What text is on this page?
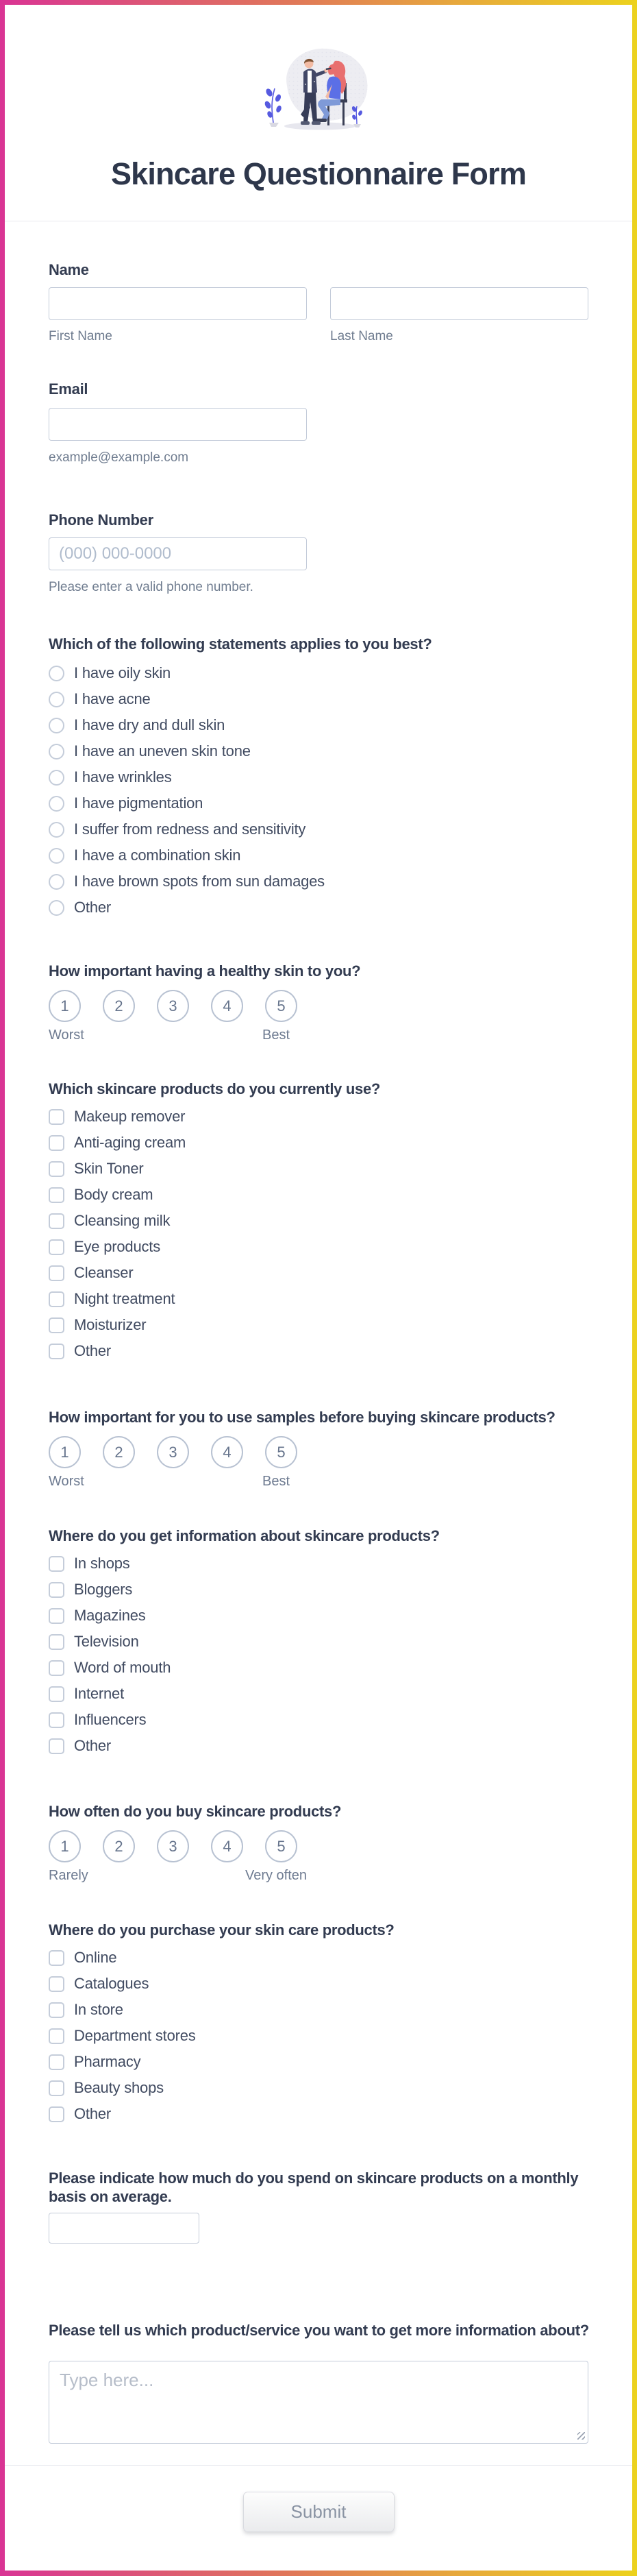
Skincare Questionnaire Form
Name
First Name	Last Name
Email
example@example.com
Phone Number
(000) 000-0000
Please enter a valid phone number.
Which of the following statements applies to you best?
I have oily skin
I have acne
I have dry and dull skin
I have an uneven skin tone
I have wrinkles
I have pigmentation
I suffer from redness and sensitivity
I have a combination skin
I have brown spots from sun damages
Other
How important having a healthy skin to you?
1	2	3	4	5
Worst	Best
Which skincare products do you currently use?
Makeup remover
Anti-aging cream
Skin Toner
Body cream
Cleansing milk
Eye products
Cleanser
Night treatment
Moisturizer
Other
How important for you to use samples before buying skincare products?
1	2	3	4	5
Worst	Best
Where do you get information about skincare products?
In shops
Bloggers
Magazines
Television
Word of mouth
Internet
Influencers
Other
How often do you buy skincare products?
1	2	3	4	5
Rarely	Very often
Where do you purchase your skin care products?
Online
Catalogues
In store
Department stores
Pharmacy
Beauty shops
Other
Please indicate how much do you spend on skincare products on a monthly basis on average.
Please tell us which product/service you want to get more information about?
Type here...
Submit
